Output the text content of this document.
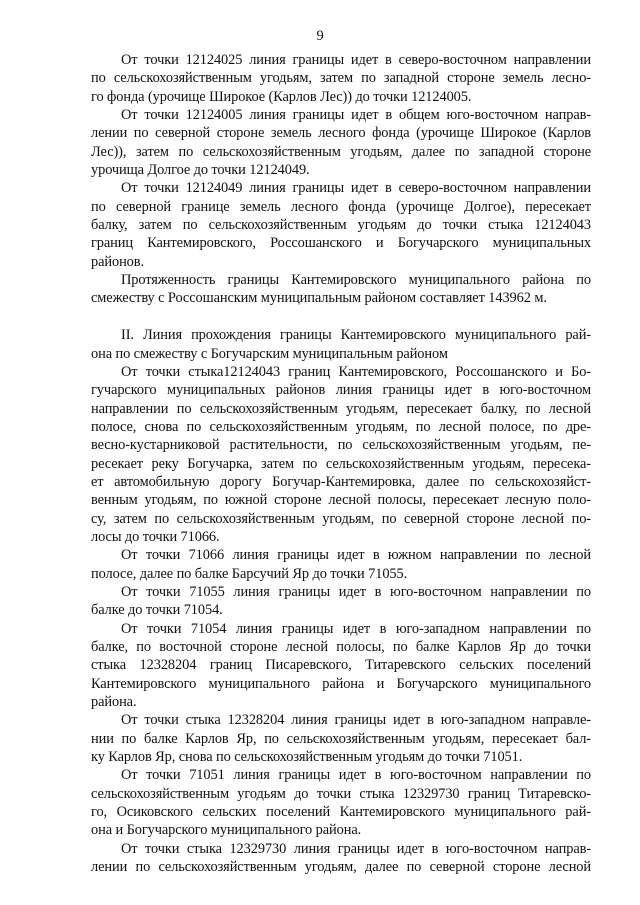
9
От точки 12124025 линия границы идет в северо-восточном направлении
по сельскохозяйственным угодьям, затем по западной стороне земель лесно-
го фонда (урочище Широкое (Карлов Лес)) до точки 12124005.
От точки 12124005 линия границы идет в общем юго-восточном направ-
лении по северной стороне земель лесного фонда (урочище Широкое (Карлов
Лес)), затем по сельскохозяйственным угодьям, далее по западной стороне
урочища Долгое до точки 12124049.
От точки 12124049 линия границы идет в северо-восточном направлении
по северной границе земель лесного фонда (урочище Долгое), пересекает
балку, затем по сельскохозяйственным угодьям до точки стыка 12124043
границ Кантемировского, Россошанского и Богучарского муниципальных
районов.
Протяженность границы Кантемировского муниципального района по
смежеству с Россошанским муниципальным районом составляет 143962 м.
II. Линия прохождения границы Кантемировского муниципального рай-
она по смежеству с Богучарским муниципальным районом
От точки стыка12124043 границ Кантемировского, Россошанского и Бо-
гучарского муниципальных районов линия границы идет в юго-восточном
направлении по сельскохозяйственным угодьям, пересекает балку, по лесной
полосе, снова по сельскохозяйственным угодьям, по лесной полосе, по дре-
весно-кустарниковой растительности, по сельскохозяйственным угодьям, пе-
ресекает реку Богучарка, затем по сельскохозяйственным угодьям, пересека-
ет автомобильную дорогу Богучар-Кантемировка, далее по сельскохозяйст-
венным угодьям, по южной стороне лесной полосы, пересекает лесную поло-
су, затем по сельскохозяйственным угодьям, по северной стороне лесной по-
лосы до точки 71066.
От точки 71066 линия границы идет в южном направлении по лесной
полосе, далее по балке Барсучий Яр до точки 71055.
От точки 71055 линия границы идет в юго-восточном направлении по
балке до точки 71054.
От точки 71054 линия границы идет в юго-западном направлении по
балке, по восточной стороне лесной полосы, по балке Карлов Яр до точки
стыка 12328204 границ Писаревского, Титаревского сельских поселений
Кантемировского муниципального района и Богучарского муниципального
района.
От точки стыка 12328204 линия границы идет в юго-западном направле-
нии по балке Карлов Яр, по сельскохозяйственным угодьям, пересекает бал-
ку Карлов Яр, снова по сельскохозяйственным угодьям до точки 71051.
От точки 71051 линия границы идет в юго-восточном направлении по
сельскохозяйственным угодьям до точки стыка 12329730 границ Титаревско-
го, Осиковского сельских поселений Кантемировского муниципального рай-
она и Богучарского муниципального района.
От точки стыка 12329730 линия границы идет в юго-восточном направ-
лении по сельскохозяйственным угодьям, далее по северной стороне лесной
